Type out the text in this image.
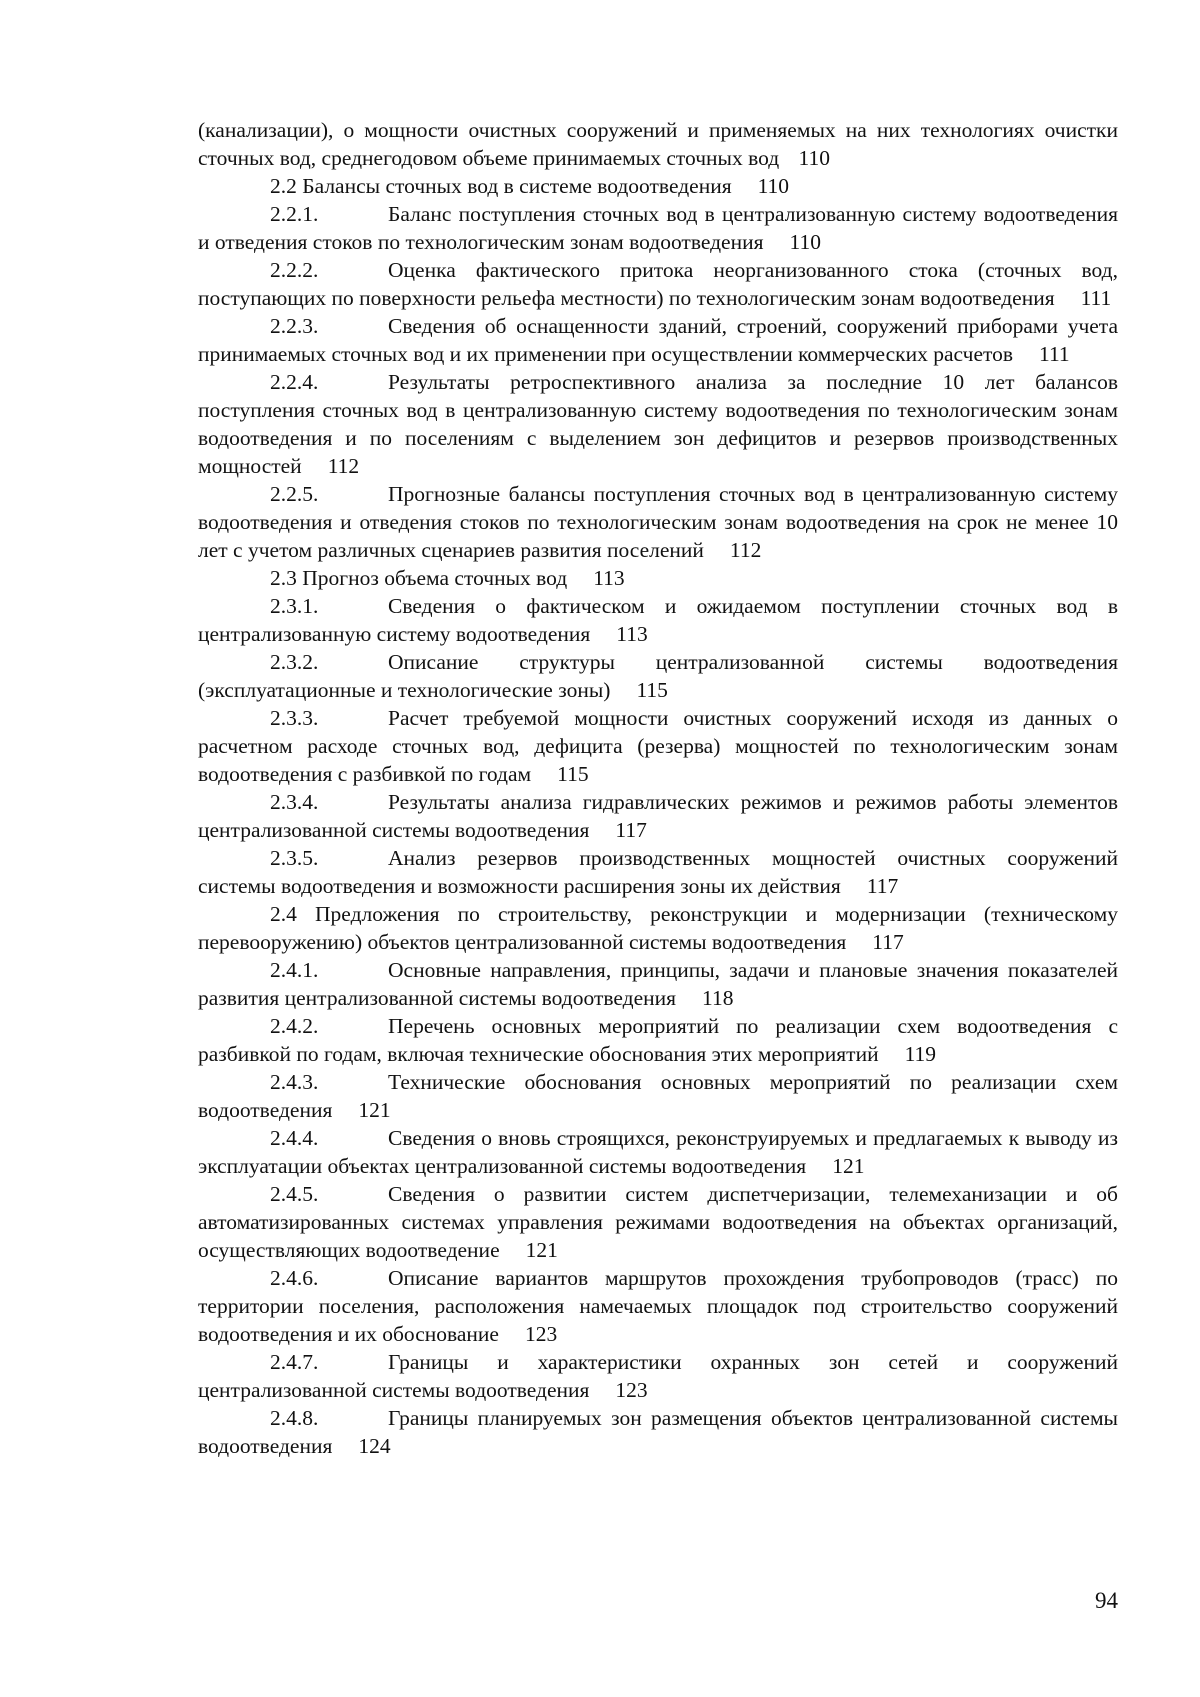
(канализации), о мощности очистных сооружений и применяемых на них технологиях очистки сточных вод, среднегодовом объеме принимаемых сточных вод 110

2.2 Балансы сточных вод в системе водоотведения 110

2.2.1.	Баланс поступления сточных вод в централизованную систему водоотведения и отведения стоков по технологическим зонам водоотведения 110

2.2.2.	Оценка фактического притока неорганизованного стока (сточных вод, поступающих по поверхности рельефа местности) по технологическим зонам водоотведения 111

2.2.3.	Сведения об оснащенности зданий, строений, сооружений приборами учета принимаемых сточных вод и их применении при осуществлении коммерческих расчетов 111

2.2.4.	Результаты ретроспективного анализа за последние 10 лет балансов поступления сточных вод в централизованную систему водоотведения по технологическим зонам водоотведения и по поселениям с выделением зон дефицитов и резервов производственных мощностей 112

2.2.5.	Прогнозные балансы поступления сточных вод в централизованную систему водоотведения и отведения стоков по технологическим зонам водоотведения на срок не менее 10 лет с учетом различных сценариев развития поселений 112

2.3 Прогноз объема сточных вод 113

2.3.1.	Сведения о фактическом и ожидаемом поступлении сточных вод в централизованную систему водоотведения 113

2.3.2.	Описание структуры централизованной системы водоотведения (эксплуатационные и технологические зоны) 115

2.3.3.	Расчет требуемой мощности очистных сооружений исходя из данных о расчетном расходе сточных вод, дефицита (резерва) мощностей по технологическим зонам водоотведения с разбивкой по годам 115

2.3.4.	Результаты анализа гидравлических режимов и режимов работы элементов централизованной системы водоотведения 117

2.3.5.	Анализ резервов производственных мощностей очистных сооружений системы водоотведения и возможности расширения зоны их действия 117

2.4 Предложения по строительству, реконструкции и модернизации (техническому перевооружению) объектов централизованной системы водоотведения 117

2.4.1.	Основные направления, принципы, задачи и плановые значения показателей развития централизованной системы водоотведения 118

2.4.2.	Перечень основных мероприятий по реализации схем водоотведения с разбивкой по годам, включая технические обоснования этих мероприятий 119

2.4.3.	Технические обоснования основных мероприятий по реализации схем водоотведения 121

2.4.4.	Сведения о вновь строящихся, реконструируемых и предлагаемых к выводу из эксплуатации объектах централизованной системы водоотведения 121

2.4.5.	Сведения о развитии систем диспетчеризации, телемеханизации и об автоматизированных системах управления режимами водоотведения на объектах организаций, осуществляющих водоотведение 121

2.4.6.	Описание вариантов маршрутов прохождения трубопроводов (трасс) по территории поселения, расположения намечаемых площадок под строительство сооружений водоотведения и их обоснование 123

2.4.7.	Границы и характеристики охранных зон сетей и сооружений централизованной системы водоотведения 123

2.4.8.	Границы планируемых зон размещения объектов централизованной системы водоотведения 124

94
